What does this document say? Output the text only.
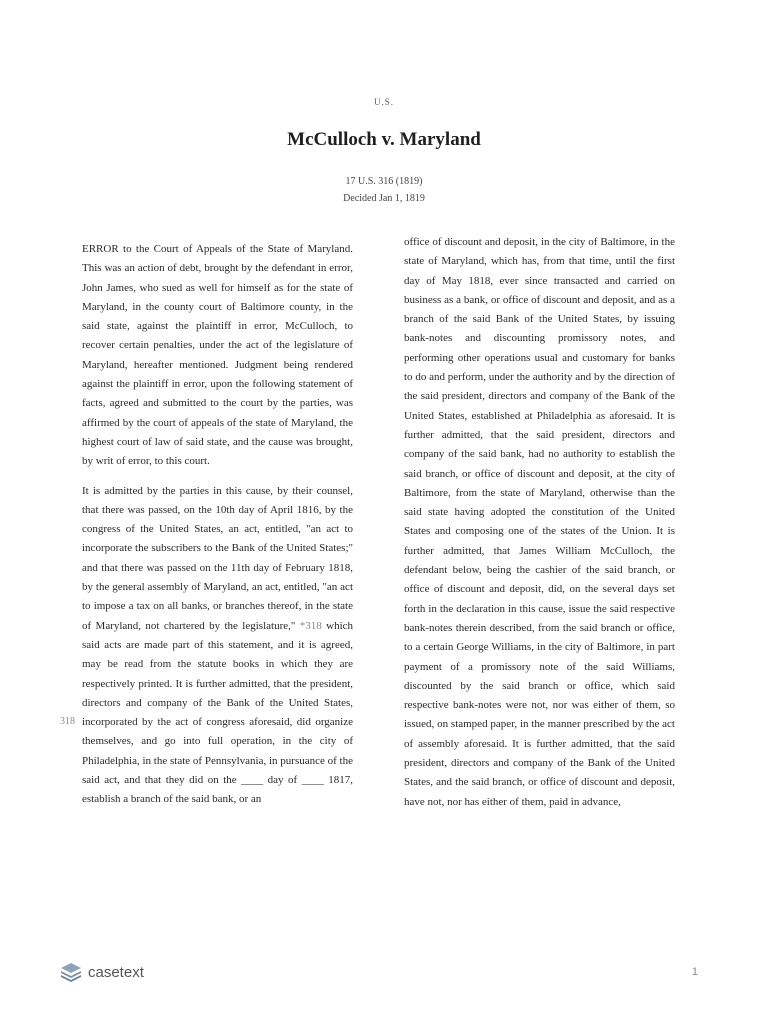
U.S.
McCulloch v. Maryland
17 U.S. 316 (1819)
Decided Jan 1, 1819

ERROR to the Court of Appeals of the State of Maryland. This was an action of debt, brought by the defendant in error, John James, who sued as well for himself as for the state of Maryland, in the county court of Baltimore county, in the said state, against the plaintiff in error, McCulloch, to recover certain penalties, under the act of the legislature of Maryland, hereafter mentioned. Judgment being rendered against the plaintiff in error, upon the following statement of facts, agreed and submitted to the court by the parties, was affirmed by the court of appeals of the state of Maryland, the highest court of law of said state, and the cause was brought, by writ of error, to this court.

It is admitted by the parties in this cause, by their counsel, that there was passed, on the 10th day of April 1816, by the congress of the United States, an act, entitled, "an act to incorporate the subscribers to the Bank of the United States;" and that there was passed on the 11th day of February 1818, by the general assembly of Maryland, an act, entitled, "an act to impose a tax on all banks, or branches thereof, in the state of Maryland, not chartered by the legislature," *318 which said acts are made part of this statement, and it is agreed, may be read from the statute books in which they are respectively printed. It is further admitted, that the president, directors and company of the Bank of the United States, incorporated by the act of congress aforesaid, did organize themselves, and go into full operation, in the city of Philadelphia, in the state of Pennsylvania, in pursuance of the said act, and that they did on the ____ day of ____ 1817, establish a branch of the said bank, or an

318

office of discount and deposit, in the city of Baltimore, in the state of Maryland, which has, from that time, until the first day of May 1818, ever since transacted and carried on business as a bank, or office of discount and deposit, and as a branch of the said Bank of the United States, by issuing bank-notes and discounting promissory notes, and performing other operations usual and customary for banks to do and perform, under the authority and by the direction of the said president, directors and company of the Bank of the United States, established at Philadelphia as aforesaid. It is further admitted, that the said president, directors and company of the said bank, had no authority to establish the said branch, or office of discount and deposit, at the city of Baltimore, from the state of Maryland, otherwise than the said state having adopted the constitution of the United States and composing one of the states of the Union. It is further admitted, that James William McCulloch, the defendant below, being the cashier of the said branch, or office of discount and deposit, did, on the several days set forth in the declaration in this cause, issue the said respective bank-notes therein described, from the said branch or office, to a certain George Williams, in the city of Baltimore, in part payment of a promissory note of the said Williams, discounted by the said branch or office, which said respective bank-notes were not, nor was either of them, so issued, on stamped paper, in the manner prescribed by the act of assembly aforesaid. It is further admitted, that the said president, directors and company of the Bank of the United States, and the said branch, or office of discount and deposit, have not, nor has either of them, paid in advance,

casetext	1
